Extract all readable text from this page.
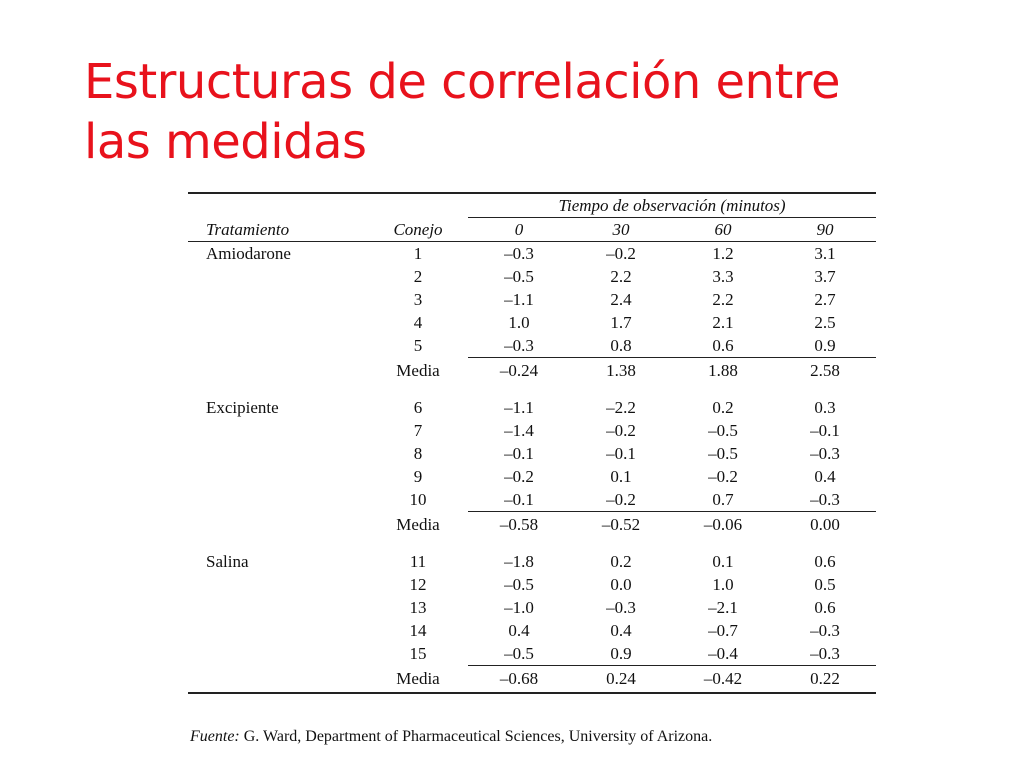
Estructuras de correlación entre
las medidas
		Tiempo de observación (minutos)			
Tratamiento	Conejo	0	30	60	90
Amiodarone	1	–0.3	–0.2	1.2	3.1
	2	–0.5	2.2	3.3	3.7
	3	–1.1	2.4	2.2	2.7
	4	1.0	1.7	2.1	2.5
	5	–0.3	0.8	0.6	0.9
	Media	–0.24	1.38	1.88	2.58

Excipiente	6	–1.1	–2.2	0.2	0.3
	7	–1.4	–0.2	–0.5	–0.1
	8	–0.1	–0.1	–0.5	–0.3
	9	–0.2	0.1	–0.2	0.4
	10	–0.1	–0.2	0.7	–0.3
	Media	–0.58	–0.52	–0.06	0.00

Salina	11	–1.8	0.2	0.1	0.6
	12	–0.5	0.0	1.0	0.5
	13	–1.0	–0.3	–2.1	0.6
	14	0.4	0.4	–0.7	–0.3
	15	–0.5	0.9	–0.4	–0.3
	Media	–0.68	0.24	–0.42	0.22

Fuente: G. Ward, Department of Pharmaceutical Sciences, University of Arizona.
